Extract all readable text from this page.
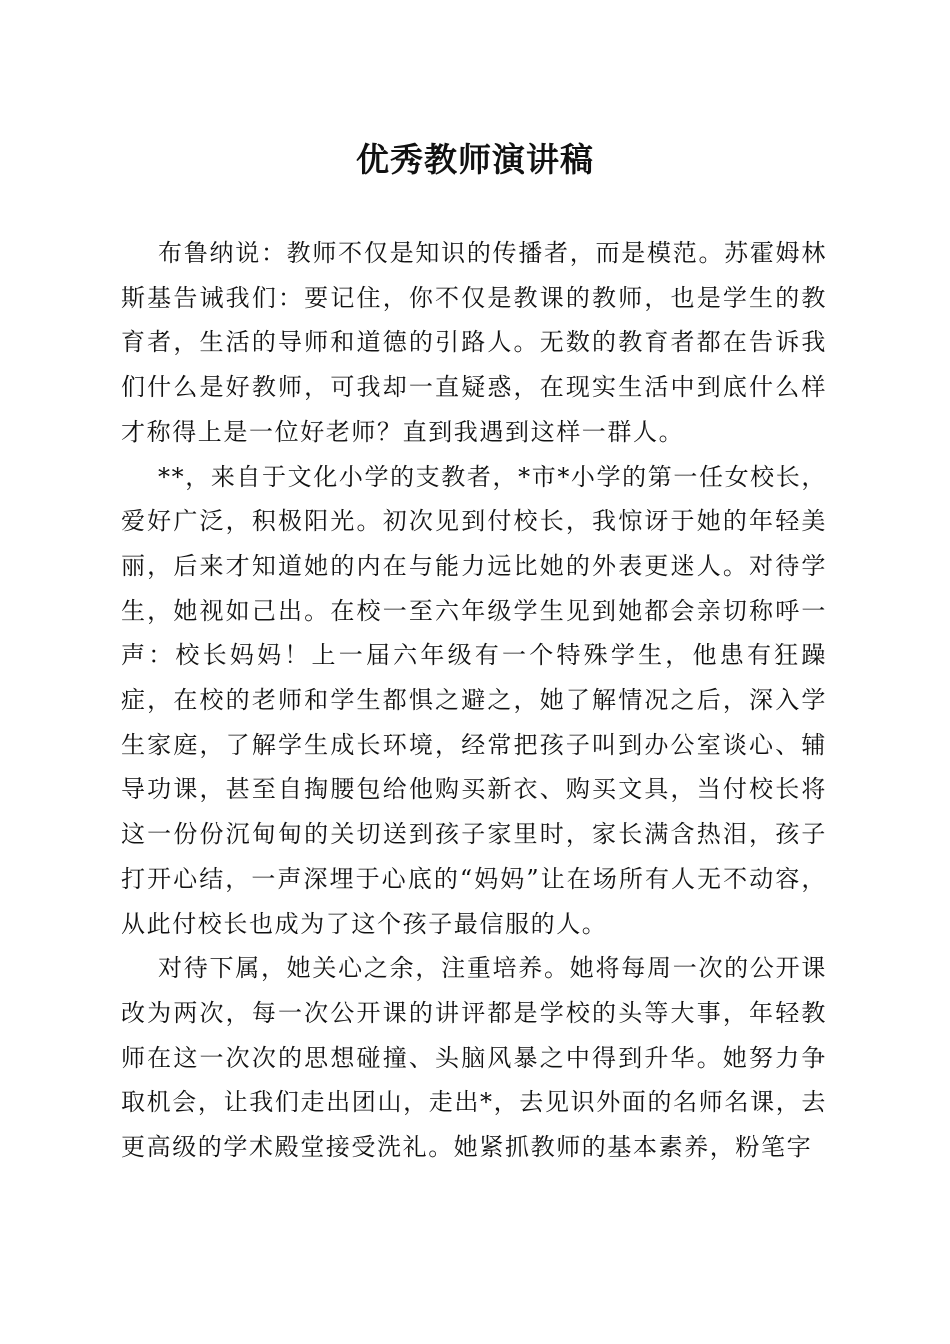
优秀教师演讲稿

布鲁纳说：教师不仅是知识的传播者，而是模范。苏霍姆林斯基告诫我们：要记住，你不仅是教课的教师，也是学生的教育者，生活的导师和道德的引路人。无数的教育者都在告诉我们什么是好教师，可我却一直疑惑，在现实生活中到底什么样才称得上是一位好老师？直到我遇到这样一群人。

**，来自于文化小学的支教者，*市*小学的第一任女校长，爱好广泛，积极阳光。初次见到付校长，我惊讶于她的年轻美丽，后来才知道她的内在与能力远比她的外表更迷人。对待学生，她视如己出。在校一至六年级学生见到她都会亲切称呼一声：校长妈妈！上一届六年级有一个特殊学生，他患有狂躁症，在校的老师和学生都惧之避之，她了解情况之后，深入学生家庭，了解学生成长环境，经常把孩子叫到办公室谈心、辅导功课，甚至自掏腰包给他购买新衣、购买文具，当付校长将这一份份沉甸甸的关切送到孩子家里时，家长满含热泪，孩子打开心结，一声深埋于心底的“妈妈”让在场所有人无不动容，从此付校长也成为了这个孩子最信服的人。

对待下属，她关心之余，注重培养。她将每周一次的公开课改为两次，每一次公开课的讲评都是学校的头等大事，年轻教师在这一次次的思想碰撞、头脑风暴之中得到升华。她努力争取机会，让我们走出团山，走出*，去见识外面的名师名课，去更高级的学术殿堂接受洗礼。她紧抓教师的基本素养，粉笔字
